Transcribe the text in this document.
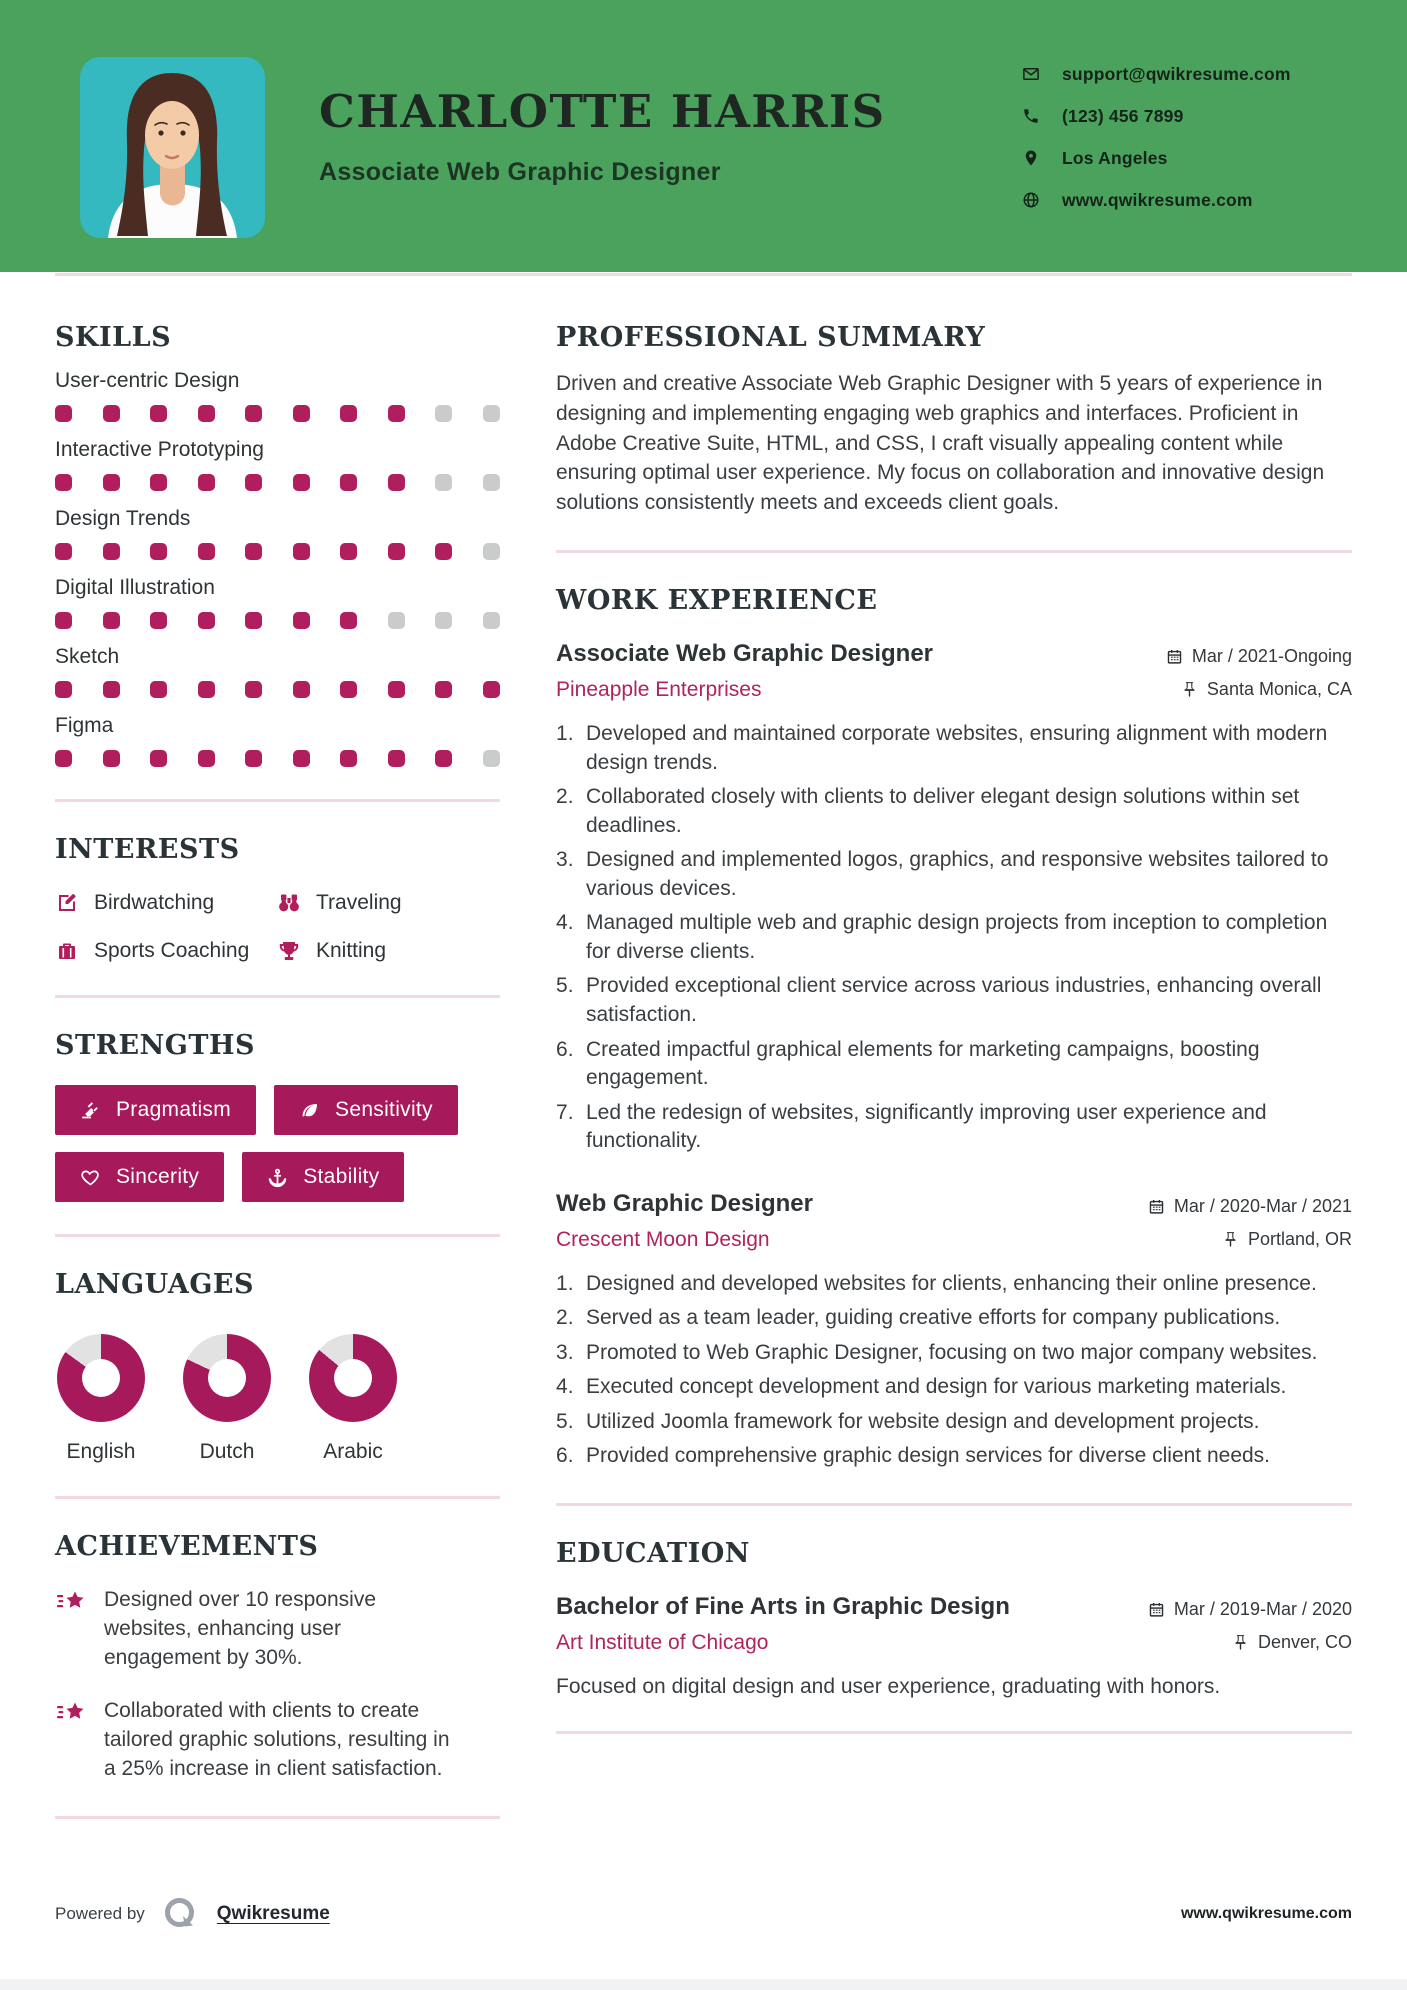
CHARLOTTE HARRIS
Associate Web Graphic Designer
support@qwikresume.com
(123) 456 7899
Los Angeles
www.qwikresume.com
SKILLS
User-centric Design
Interactive Prototyping
Design Trends
Digital Illustration
Sketch
Figma
INTERESTS
Birdwatching	Traveling
Sports Coaching	Knitting
STRENGTHS
Pragmatism	Sensitivity
Sincerity	Stability
LANGUAGES
English	Dutch	Arabic
ACHIEVEMENTS
Designed over 10 responsive websites, enhancing user engagement by 30%.
Collaborated with clients to create tailored graphic solutions, resulting in a 25% increase in client satisfaction.
PROFESSIONAL SUMMARY

Driven and creative Associate Web Graphic Designer with 5 years of experience in designing and implementing engaging web graphics and interfaces. Proficient in Adobe Creative Suite, HTML, and CSS, I craft visually appealing content while ensuring optimal user experience. My focus on collaboration and innovative design solutions consistently meets and exceeds client goals.

WORK EXPERIENCE
Associate Web Graphic Designer
Pineapple Enterprises
Mar / 2021-Ongoing
Santa Monica, CA
Developed and maintained corporate websites, ensuring alignment with modern design trends.
Collaborated closely with clients to deliver elegant design solutions within set deadlines.
Designed and implemented logos, graphics, and responsive websites tailored to various devices.
Managed multiple web and graphic design projects from inception to completion for diverse clients.
Provided exceptional client service across various industries, enhancing overall satisfaction.
Created impactful graphical elements for marketing campaigns, boosting engagement.
Led the redesign of websites, significantly improving user experience and functionality.
Web Graphic Designer
Crescent Moon Design
Mar / 2020-Mar / 2021
Portland, OR
Designed and developed websites for clients, enhancing their online presence.
Served as a team leader, guiding creative efforts for company publications.
Promoted to Web Graphic Designer, focusing on two major company websites.
Executed concept development and design for various marketing materials.
Utilized Joomla framework for website design and development projects.
Provided comprehensive graphic design services for diverse client needs.
EDUCATION
Bachelor of Fine Arts in Graphic Design
Art Institute of Chicago
Mar / 2019-Mar / 2020
Denver, CO

Focused on digital design and user experience, graduating with honors.

Powered by	Qwikresume	www.qwikresume.com
